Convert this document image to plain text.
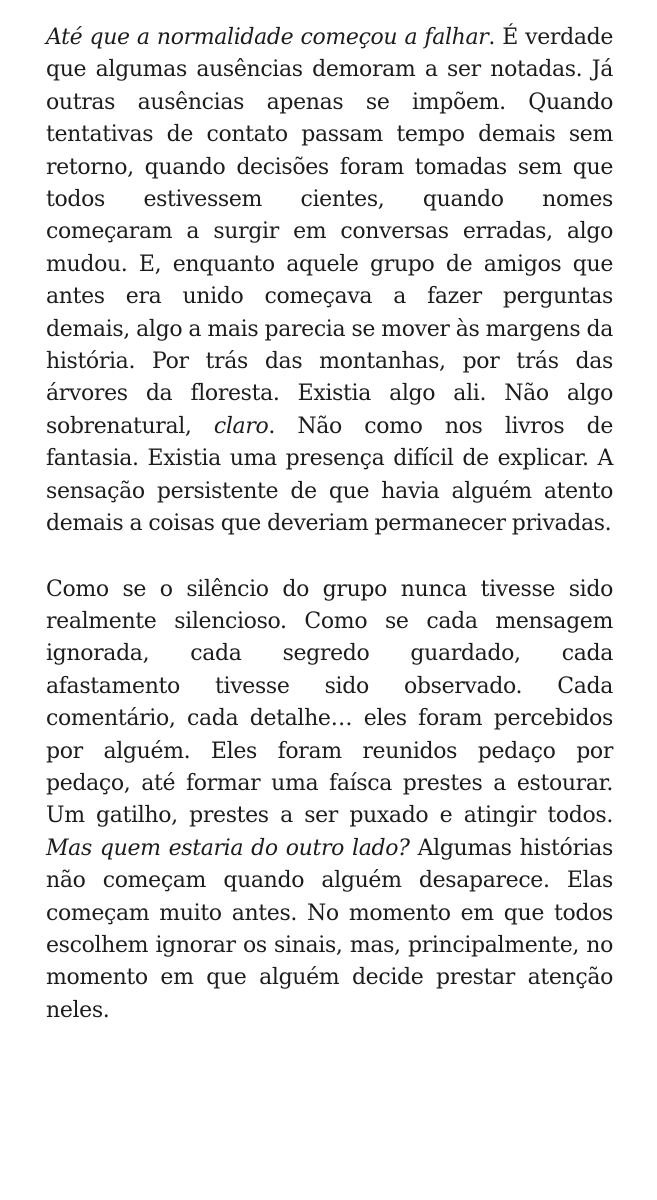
Até que a normalidade começou a falhar. É verdade que algumas ausências demoram a ser notadas. Já outras ausências apenas se impõem. Quando tentativas de contato passam tempo demais sem retorno, quando decisões foram tomadas sem que todos estivessem cientes, quando nomes começaram a surgir em conversas erradas, algo mudou. E, enquanto aquele grupo de amigos que antes era unido começava a fazer perguntas demais, algo a mais parecia se mover às margens da história. Por trás das montanhas, por trás das árvores da floresta. Existia algo ali. Não algo sobrenatural, claro. Não como nos livros de fantasia. Existia uma presença difícil de explicar. A sensação persistente de que havia alguém atento demais a coisas que deveriam permanecer privadas.

Como se o silêncio do grupo nunca tivesse sido realmente silencioso. Como se cada mensagem ignorada, cada segredo guardado, cada afastamento tivesse sido observado. Cada comentário, cada detalhe… eles foram percebidos por alguém. Eles foram reunidos pedaço por pedaço, até formar uma faísca prestes a estourar. Um gatilho, prestes a ser puxado e atingir todos. Mas quem estaria do outro lado? Algumas histórias não começam quando alguém desaparece. Elas começam muito antes. No momento em que todos escolhem ignorar os sinais, mas, principalmente, no momento em que alguém decide prestar atenção neles.
